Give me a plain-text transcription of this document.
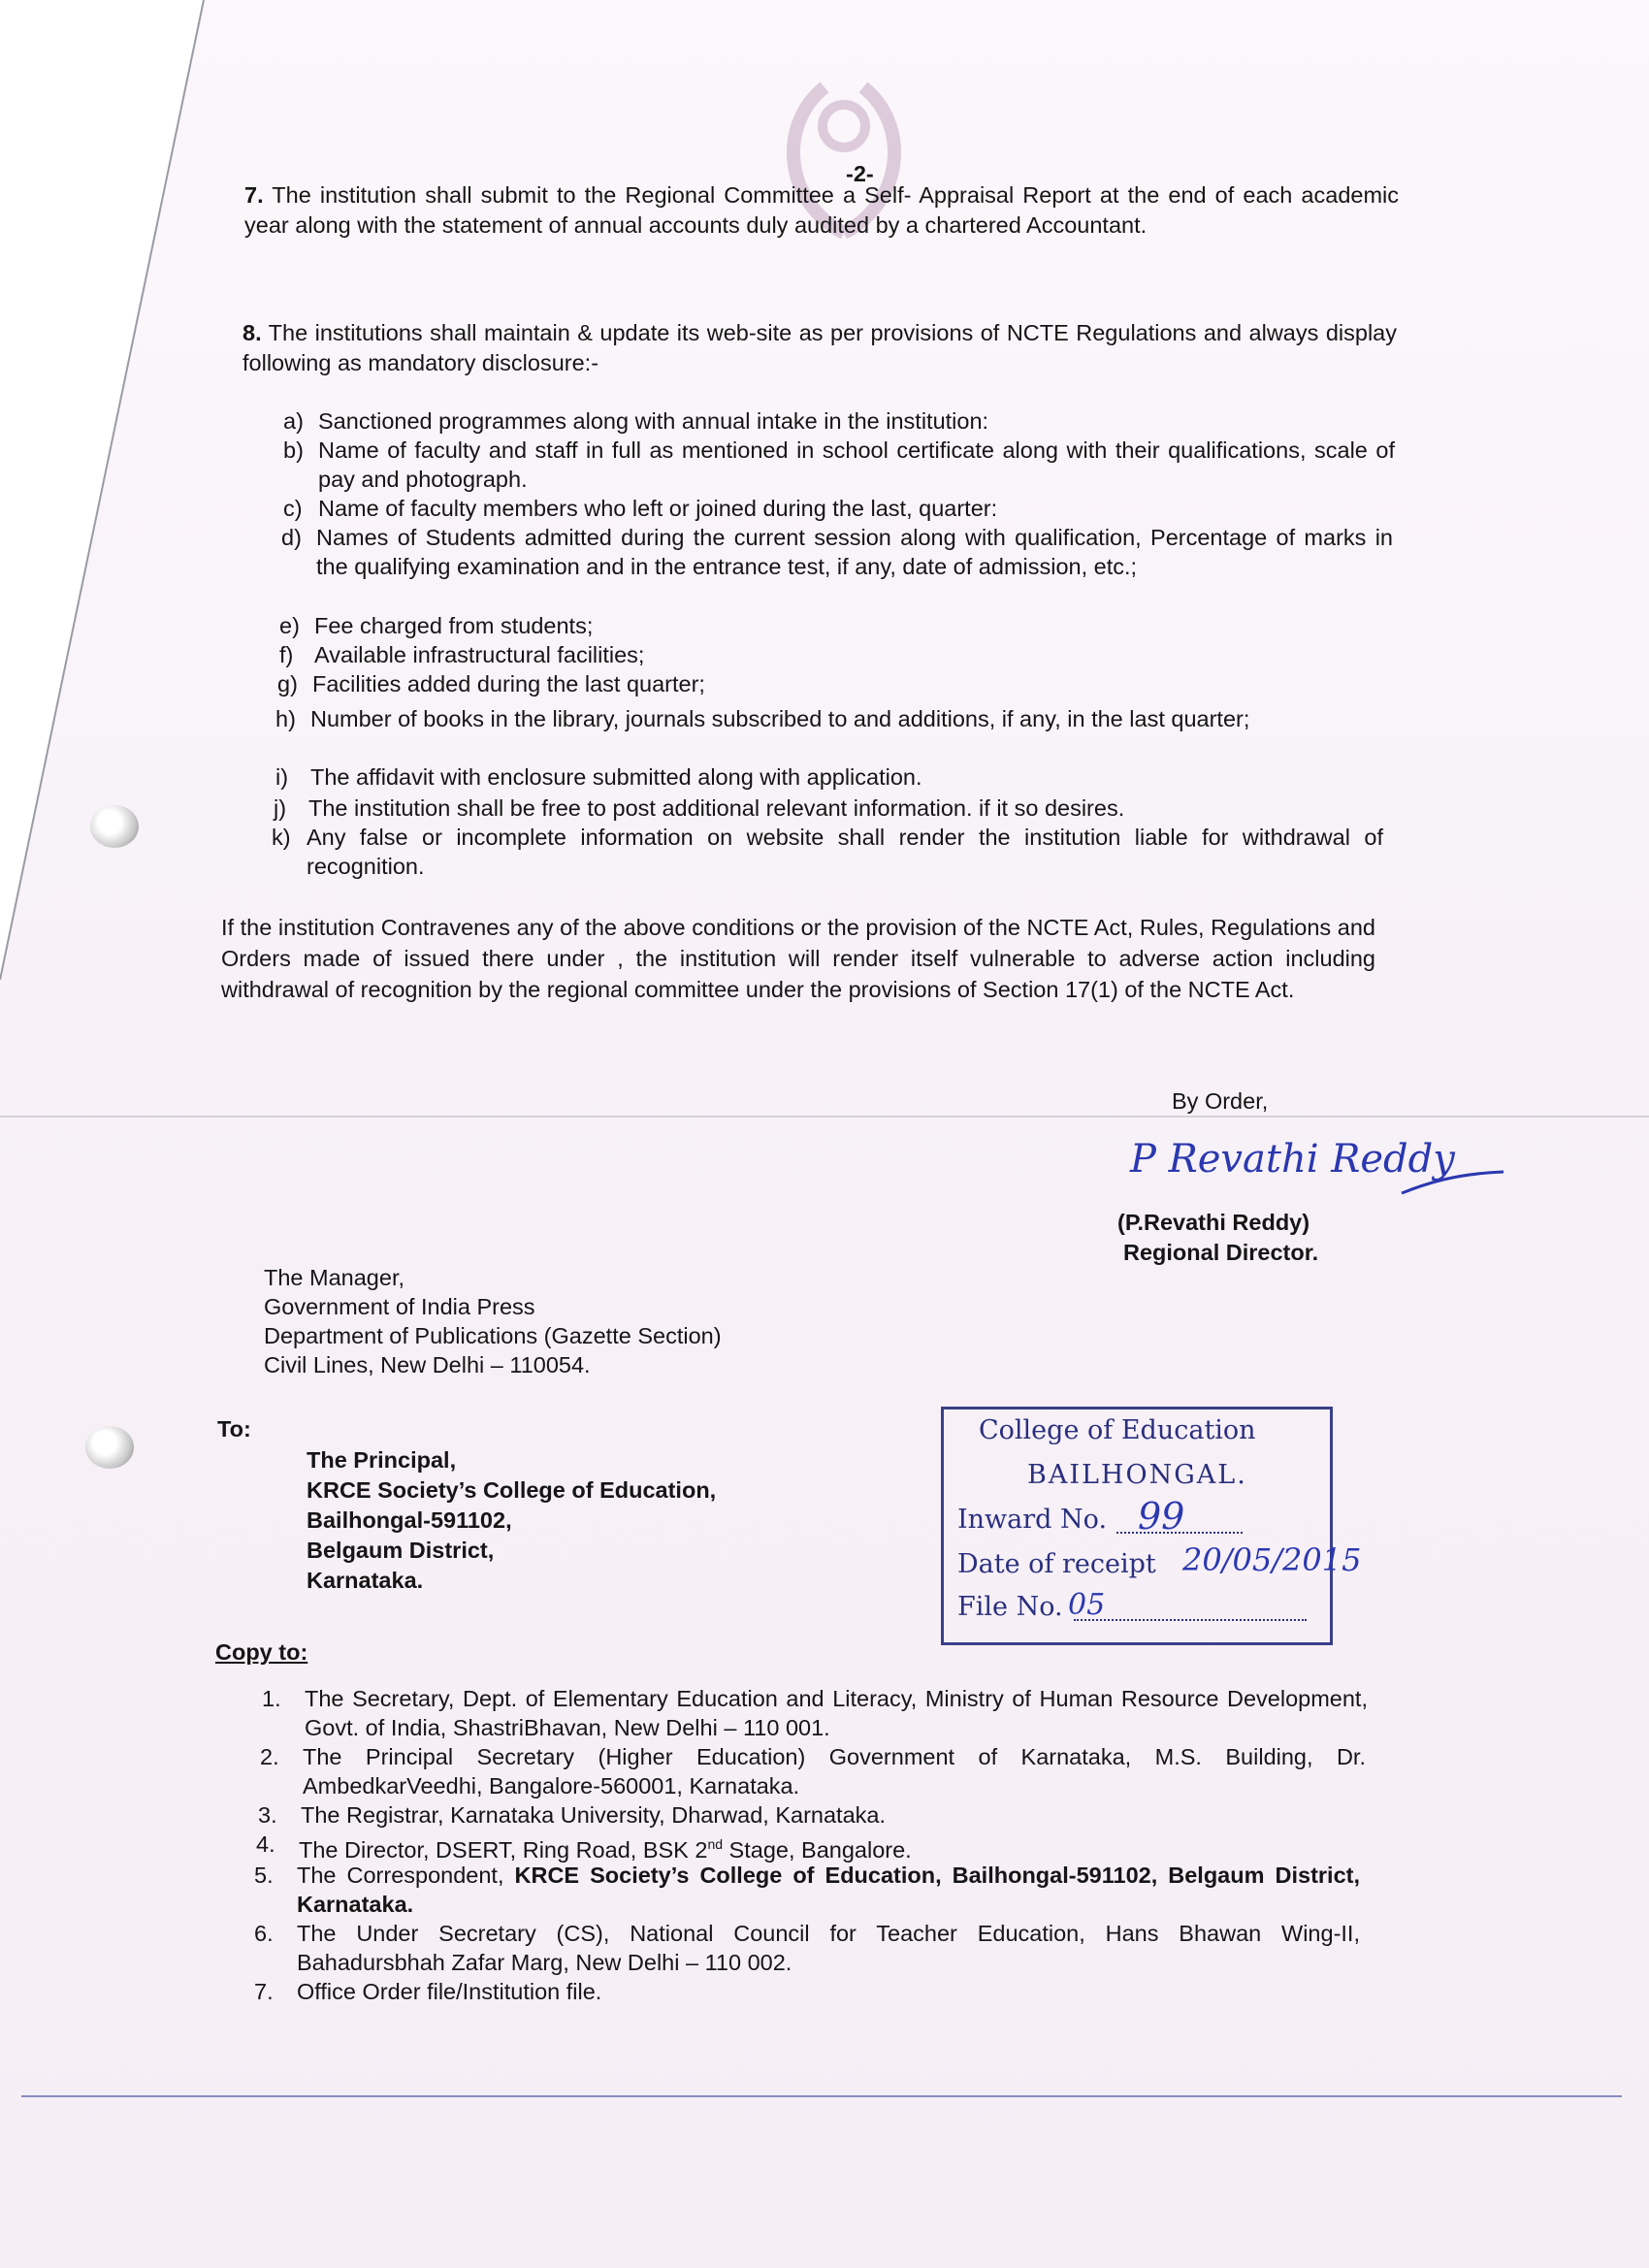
-2-
7. The institution shall submit to the Regional Committee a Self- Appraisal Report at the end of each academic year along with the statement of annual accounts duly audited by a chartered Accountant.
8. The institutions shall maintain & update its web-site as per provisions of NCTE Regulations and always display following as mandatory disclosure:-
a) Sanctioned programmes along with annual intake in the institution:
b) Name of faculty and staff in full as mentioned in school certificate along with their qualifications, scale of pay and photograph.
c) Name of faculty members who left or joined during the last, quarter:
d) Names of Students admitted during the current session along with qualification, Percentage of marks in the qualifying examination and in the entrance test, if any, date of admission, etc.;
e) Fee charged from students;
f) Available infrastructural facilities;
g) Facilities added during the last quarter;
h) Number of books in the library, journals subscribed to and additions, if any, in the last quarter;
i) The affidavit with enclosure submitted along with application.
j) The institution shall be free to post additional relevant information. if it so desires.
k) Any false or incomplete information on website shall render the institution liable for withdrawal of recognition.
If the institution Contravenes any of the above conditions or the provision of the NCTE Act, Rules, Regulations and Orders made of issued there under , the institution will render itself vulnerable to adverse action including withdrawal of recognition by the regional committee under the provisions of Section 17(1) of the NCTE Act.
By Order,
P Revathi Reddy
(P.Revathi Reddy)
Regional Director.
The Manager,
Government of India Press
Department of Publications (Gazette Section)
Civil Lines, New Delhi – 110054.
To:
The Principal,
KRCE Society’s College of Education,
Bailhongal-591102,
Belgaum District,
Karnataka.
College of Education
BAILHONGAL.
Inward No. 99
Date of receipt 20/05/2015
File No. 05
Copy to:
1. The Secretary, Dept. of Elementary Education and Literacy, Ministry of Human Resource Development, Govt. of India, ShastriBhavan, New Delhi – 110 001.
2. The Principal Secretary (Higher Education) Government of Karnataka, M.S. Building, Dr. AmbedkarVeedhi, Bangalore-560001, Karnataka.
3. The Registrar, Karnataka University, Dharwad, Karnataka.
4. The Director, DSERT, Ring Road, BSK 2nd Stage, Bangalore.
5. The Correspondent, KRCE Society’s College of Education, Bailhongal-591102, Belgaum District, Karnataka.
6. The Under Secretary (CS), National Council for Teacher Education, Hans Bhawan Wing-II, Bahadursbhah Zafar Marg, New Delhi – 110 002.
7. Office Order file/Institution file.
